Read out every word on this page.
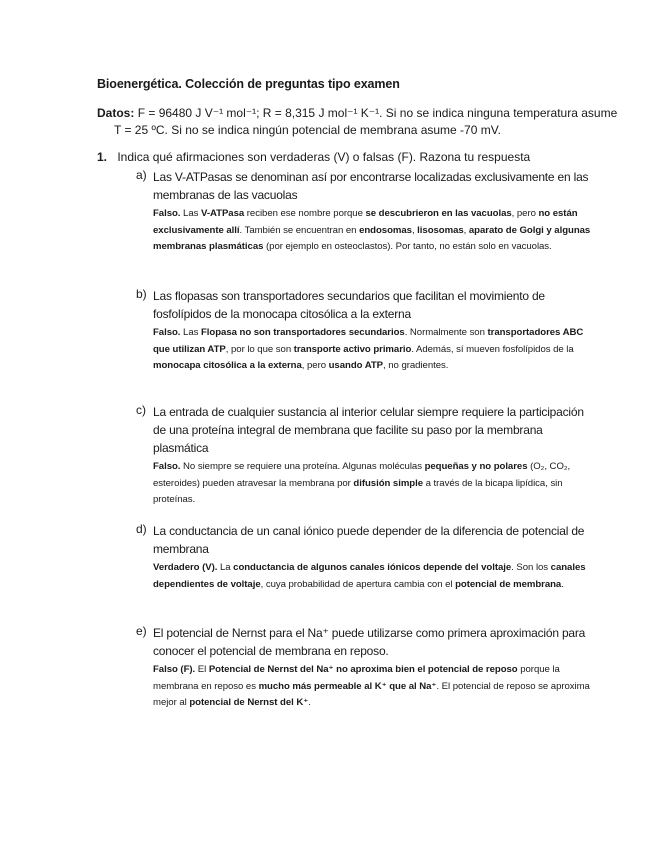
Bioenergética. Colección de preguntas tipo examen
Datos: F = 96480 J V⁻¹ mol⁻¹; R = 8,315 J mol⁻¹ K⁻¹. Si no se indica ninguna temperatura asume
T = 25 ºC. Si no se indica ningún potencial de membrana asume -70 mV.
1. Indica qué afirmaciones son verdaderas (V) o falsas (F). Razona tu respuesta
a) Las V-ATPasas se denominan así por encontrarse localizadas exclusivamente en las membranas de las vacuolas
Falso. Las V-ATPasa reciben ese nombre porque se descubrieron en las vacuolas, pero no están exclusivamente allí. También se encuentran en endosomas, lisosomas, aparato de Golgi y algunas membranas plasmáticas (por ejemplo en osteoclastos). Por tanto, no están solo en vacuolas.
b) Las flopasas son transportadores secundarios que facilitan el movimiento de fosfolípidos de la monocapa citosólica a la externa
Falso. Las Flopasa no son transportadores secundarios. Normalmente son transportadores ABC que utilizan ATP, por lo que son transporte activo primario. Además, sí mueven fosfolípidos de la monocapa citosólica a la externa, pero usando ATP, no gradientes.
c) La entrada de cualquier sustancia al interior celular siempre requiere la participación de una proteína integral de membrana que facilite su paso por la membrana plasmática
Falso. No siempre se requiere una proteína. Algunas moléculas pequeñas y no polares (O₂, CO₂, esteroides) pueden atravesar la membrana por difusión simple a través de la bicapa lipídica, sin proteínas.
d) La conductancia de un canal iónico puede depender de la diferencia de potencial de membrana
Verdadero (V). La conductancia de algunos canales iónicos depende del voltaje. Son los canales dependientes de voltaje, cuya probabilidad de apertura cambia con el potencial de membrana.
e) El potencial de Nernst para el Na⁺ puede utilizarse como primera aproximación para conocer el potencial de membrana en reposo.
Falso (F). El Potencial de Nernst del Na⁺ no aproxima bien el potencial de reposo porque la membrana en reposo es mucho más permeable al K⁺ que al Na⁺. El potencial de reposo se aproxima mejor al potencial de Nernst del K⁺.
